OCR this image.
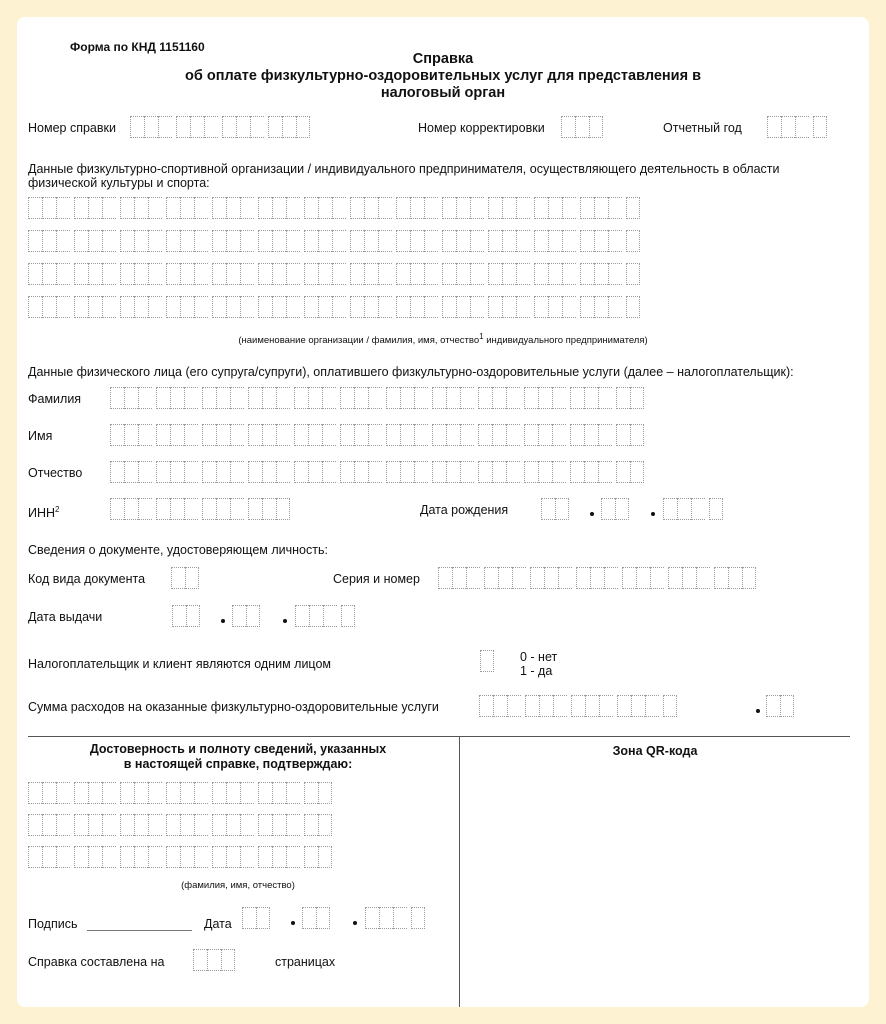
Форма по КНД 1151160
Справка
об оплате физкультурно-оздоровительных услуг для представления в
налоговый орган
Номер справки	Номер корректировки	Отчетный год
Данные физкультурно-спортивной организации / индивидуального предпринимателя, осуществляющего деятельность в области
физической культуры и спорта:
(наименование организации / фамилия, имя, отчество$^1$ индивидуального предпринимателя)
Данные физического лица (его супруга/супруги), оплатившего физкультурно-оздоровительные услуги (далее – налогоплательщик):
Фамилия
Имя
Отчество
ИНН$^2$	Дата рождения
Сведения о документе, удостоверяющем личность:
Код вида документа	Серия и номер
Дата выдачи
Налогоплательщик и клиент являются одним лицом	0 - нет
1 - да
Сумма расходов на оказанные физкультурно-оздоровительные услуги
Достоверность и полноту сведений, указанных
в настоящей справке, подтверждаю:
(фамилия, имя, отчество)
Подпись	Дата
Справка составлена на	страницах
Зона QR-кода
